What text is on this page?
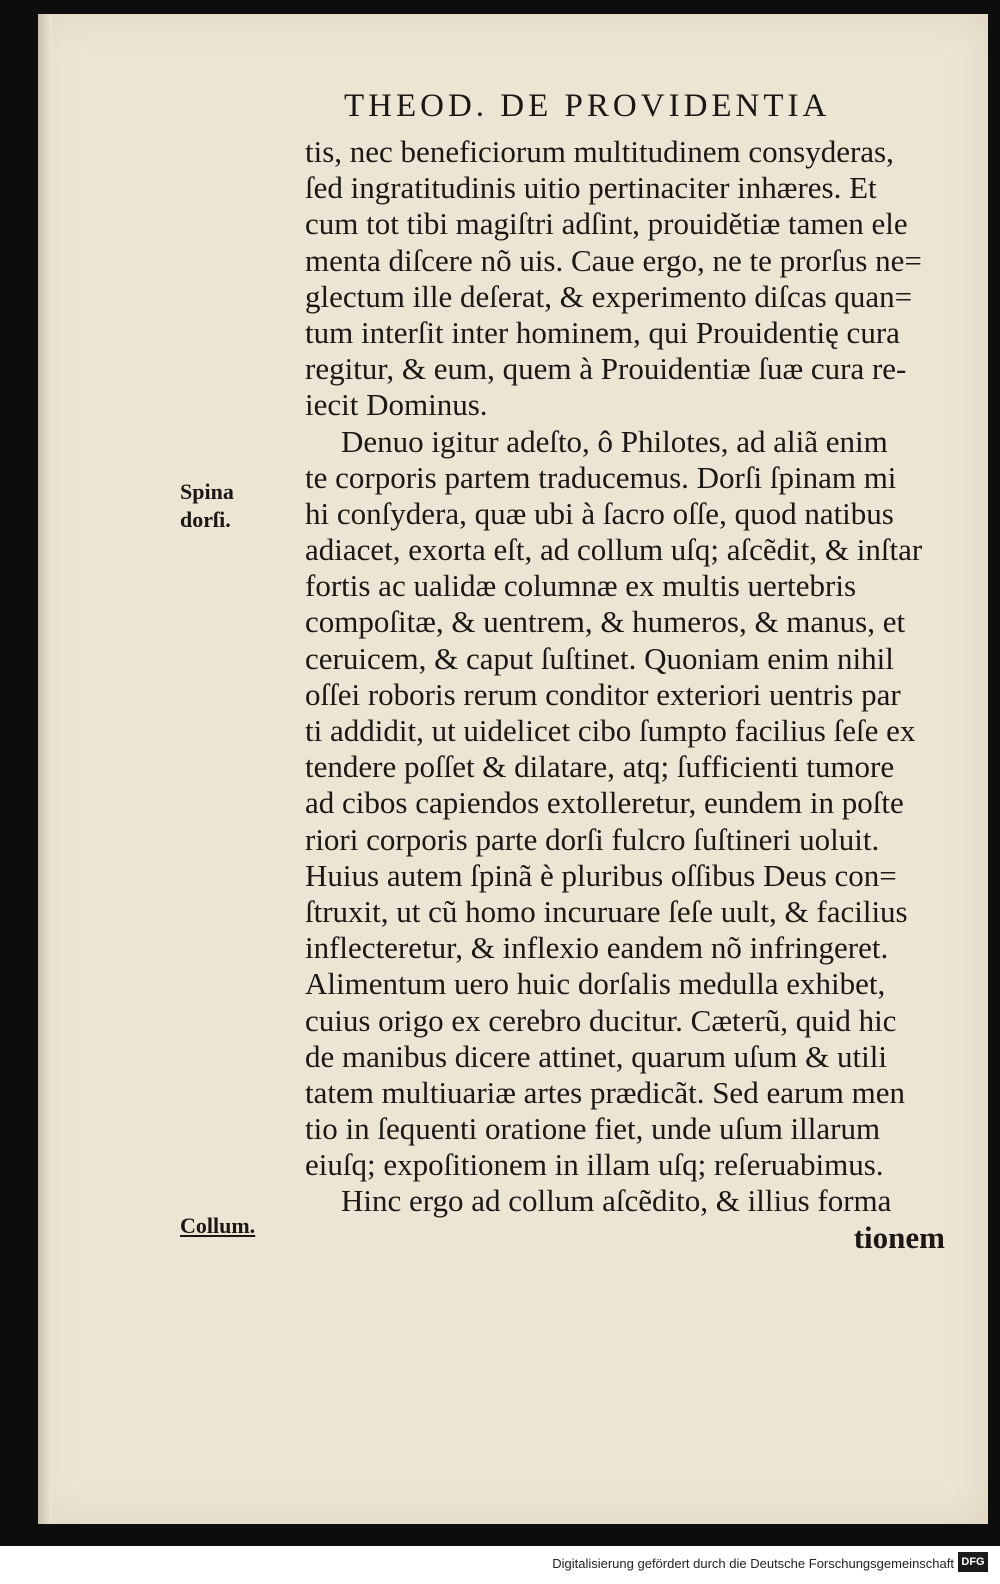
THEOD. DE PROVIDENTIA
tis, nec beneficiorum multitudinem consyderas,
ſed ingratitudinis uitio pertinaciter inhæres. Et
cum tot tibi magiſtri adſint, prouidĕtiæ tamen ele
menta diſcere nõ uis. Caue ergo, ne te prorſus ne=
glectum ille deſerat, & experimento diſcas quan=
tum interſit inter hominem, qui Prouidentię cura
regitur, & eum, quem à Prouidentiæ ſuæ cura re-
iecit Dominus.
Denuo igitur adeſto, ô Philotes, ad aliã enim
te corporis partem traducemus. Dorſi ſpinam mi
hi conſydera, quæ ubi à ſacro oſſe, quod natibus
adiacet, exorta eſt, ad collum uſq; aſcẽdit, & inſtar
fortis ac ualidæ columnæ ex multis uertebris
compoſitæ, & uentrem, & humeros, & manus, et
ceruicem, & caput ſuſtinet. Quoniam enim nihil
oſſei roboris rerum conditor exteriori uentris par
ti addidit, ut uidelicet cibo ſumpto facilius ſeſe ex
tendere poſſet & dilatare, atq; ſufficienti tumore
ad cibos capiendos extolleretur, eundem in poſte
riori corporis parte dorſi fulcro ſuſtineri uoluit.
Huius autem ſpinã è pluribus oſſibus Deus con=
ſtruxit, ut cũ homo incuruare ſeſe uult, & facilius
inflecteretur, & inflexio eandem nõ infringeret.
Alimentum uero huic dorſalis medulla exhibet,
cuius origo ex cerebro ducitur. Cæterũ, quid hic
de manibus dicere attinet, quarum uſum & utili
tatem multiuariæ artes prædicãt. Sed earum men
tio in ſequenti oratione fiet, unde uſum illarum
eiuſq; expoſitionem in illam uſq; reſeruabimus.
Hinc ergo ad collum aſcẽdito, & illius forma
tionem
Spina dorſi.
Collum.
Digitalisierung gefördert durch die Deutsche Forschungsgemeinschaft DFG
